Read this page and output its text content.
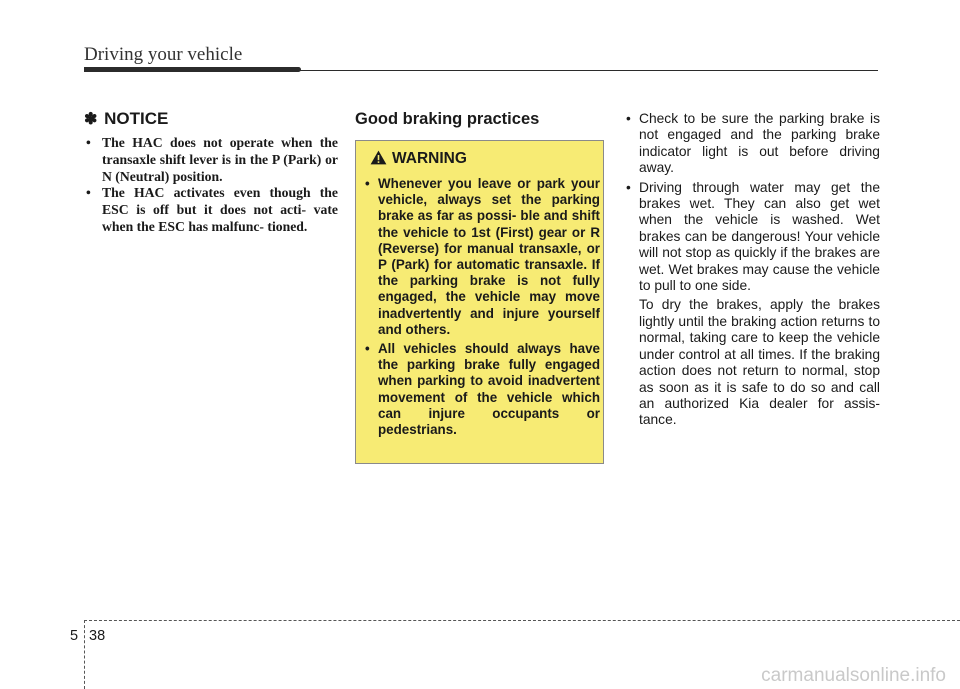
Driving your vehicle
✽ NOTICE
• The HAC does not operate when the transaxle shift lever is in the P (Park) or N (Neutral) position.
• The HAC activates even though the ESC is off but it does not acti- vate when the ESC has malfunc- tioned.
Good braking practices
WARNING
• Whenever you leave or park your vehicle, always set the parking brake as far as possi- ble and shift the vehicle to 1st (First) gear or R (Reverse) for manual transaxle, or P (Park) for automatic transaxle. If the parking brake is not fully engaged, the vehicle may move inadvertently and injure yourself and others.
• All vehicles should always have the parking brake fully engaged when parking to avoid inadvertent movement of the vehicle which can injure occupants or pedestrians.
• Check to be sure the parking brake is not engaged and the parking brake indicator light is out before driving away.
• Driving through water may get the brakes wet. They can also get wet when the vehicle is washed. Wet brakes can be dangerous! Your vehicle will not stop as quickly if the brakes are wet. Wet brakes may cause the vehicle to pull to one side.

To dry the brakes, apply the brakes lightly until the braking action returns to normal, taking care to keep the vehicle under control at all times. If the braking action does not return to normal, stop as soon as it is safe to do so and call an authorized Kia dealer for assis- tance.

5 38
carmanualsonline.info
